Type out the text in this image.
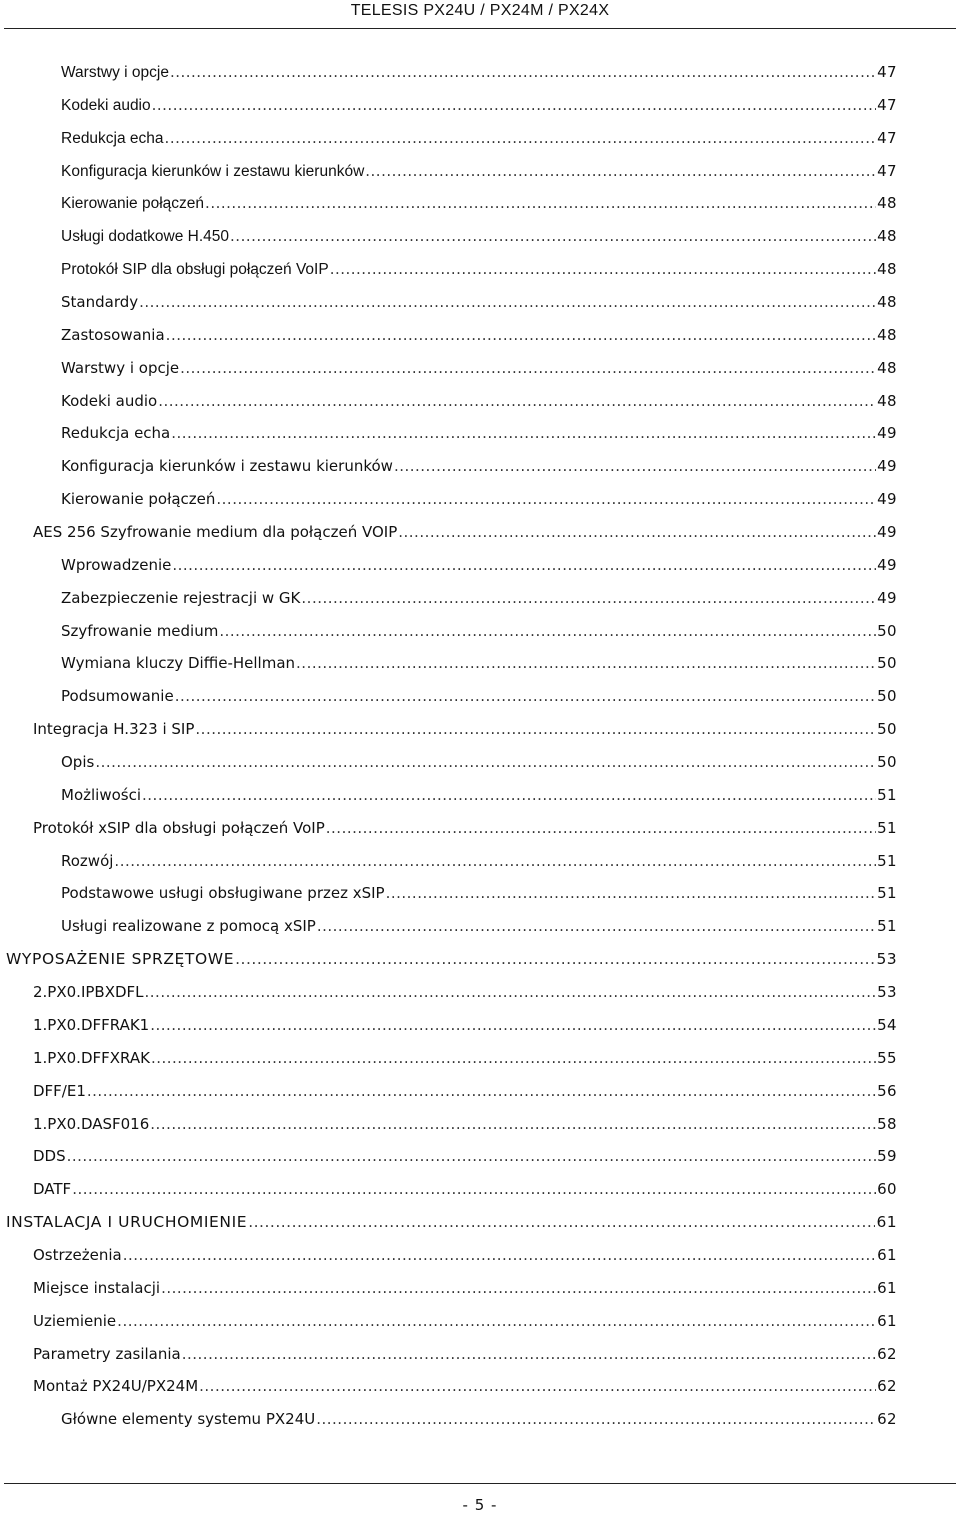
TELESIS PX24U / PX24M / PX24X
Warstwy i opcje .....	47
Kodeki audio .....	47
Redukcja echa .....	47
Konfiguracja kierunków i zestawu kierunków .....	47
Kierowanie połączeń .....	48
Usługi dodatkowe H.450 .....	48
Protokół SIP dla obsługi połączeń VoIP .....	48
Standardy .....	48
Zastosowania .....	48
Warstwy i opcje .....	48
Kodeki audio .....	48
Redukcja echa .....	49
Konfiguracja kierunków i zestawu kierunków .....	49
Kierowanie połączeń .....	49
AES 256 Szyfrowanie medium dla połączeń VOIP .....	49
Wprowadzenie .....	49
Zabezpieczenie rejestracji w GK .....	49
Szyfrowanie medium .....	50
Wymiana kluczy Diffie-Hellman .....	50
Podsumowanie .....	50
Integracja H.323 i SIP .....	50
Opis .....	50
Możliwości .....	51
Protokół xSIP dla obsługi połączeń VoIP .....	51
Rozwój .....	51
Podstawowe usługi obsługiwane przez xSIP .....	51
Usługi realizowane z pomocą xSIP .....	51
WYPOSAŻENIE SPRZĘTOWE .....	53
2.PX0.IPBXDFL .....	53
1.PX0.DFFRAK1 .....	54
1.PX0.DFFXRAK .....	55
DFF/E1 .....	56
1.PX0.DASF016 .....	58
DDS .....	59
DATF .....	60
INSTALACJA I URUCHOMIENIE .....	61
Ostrzeżenia .....	61
Miejsce instalacji .....	61
Uziemienie .....	61
Parametry zasilania .....	62
Montaż PX24U/PX24M .....	62
Główne elementy systemu PX24U .....	62
- 5 -
